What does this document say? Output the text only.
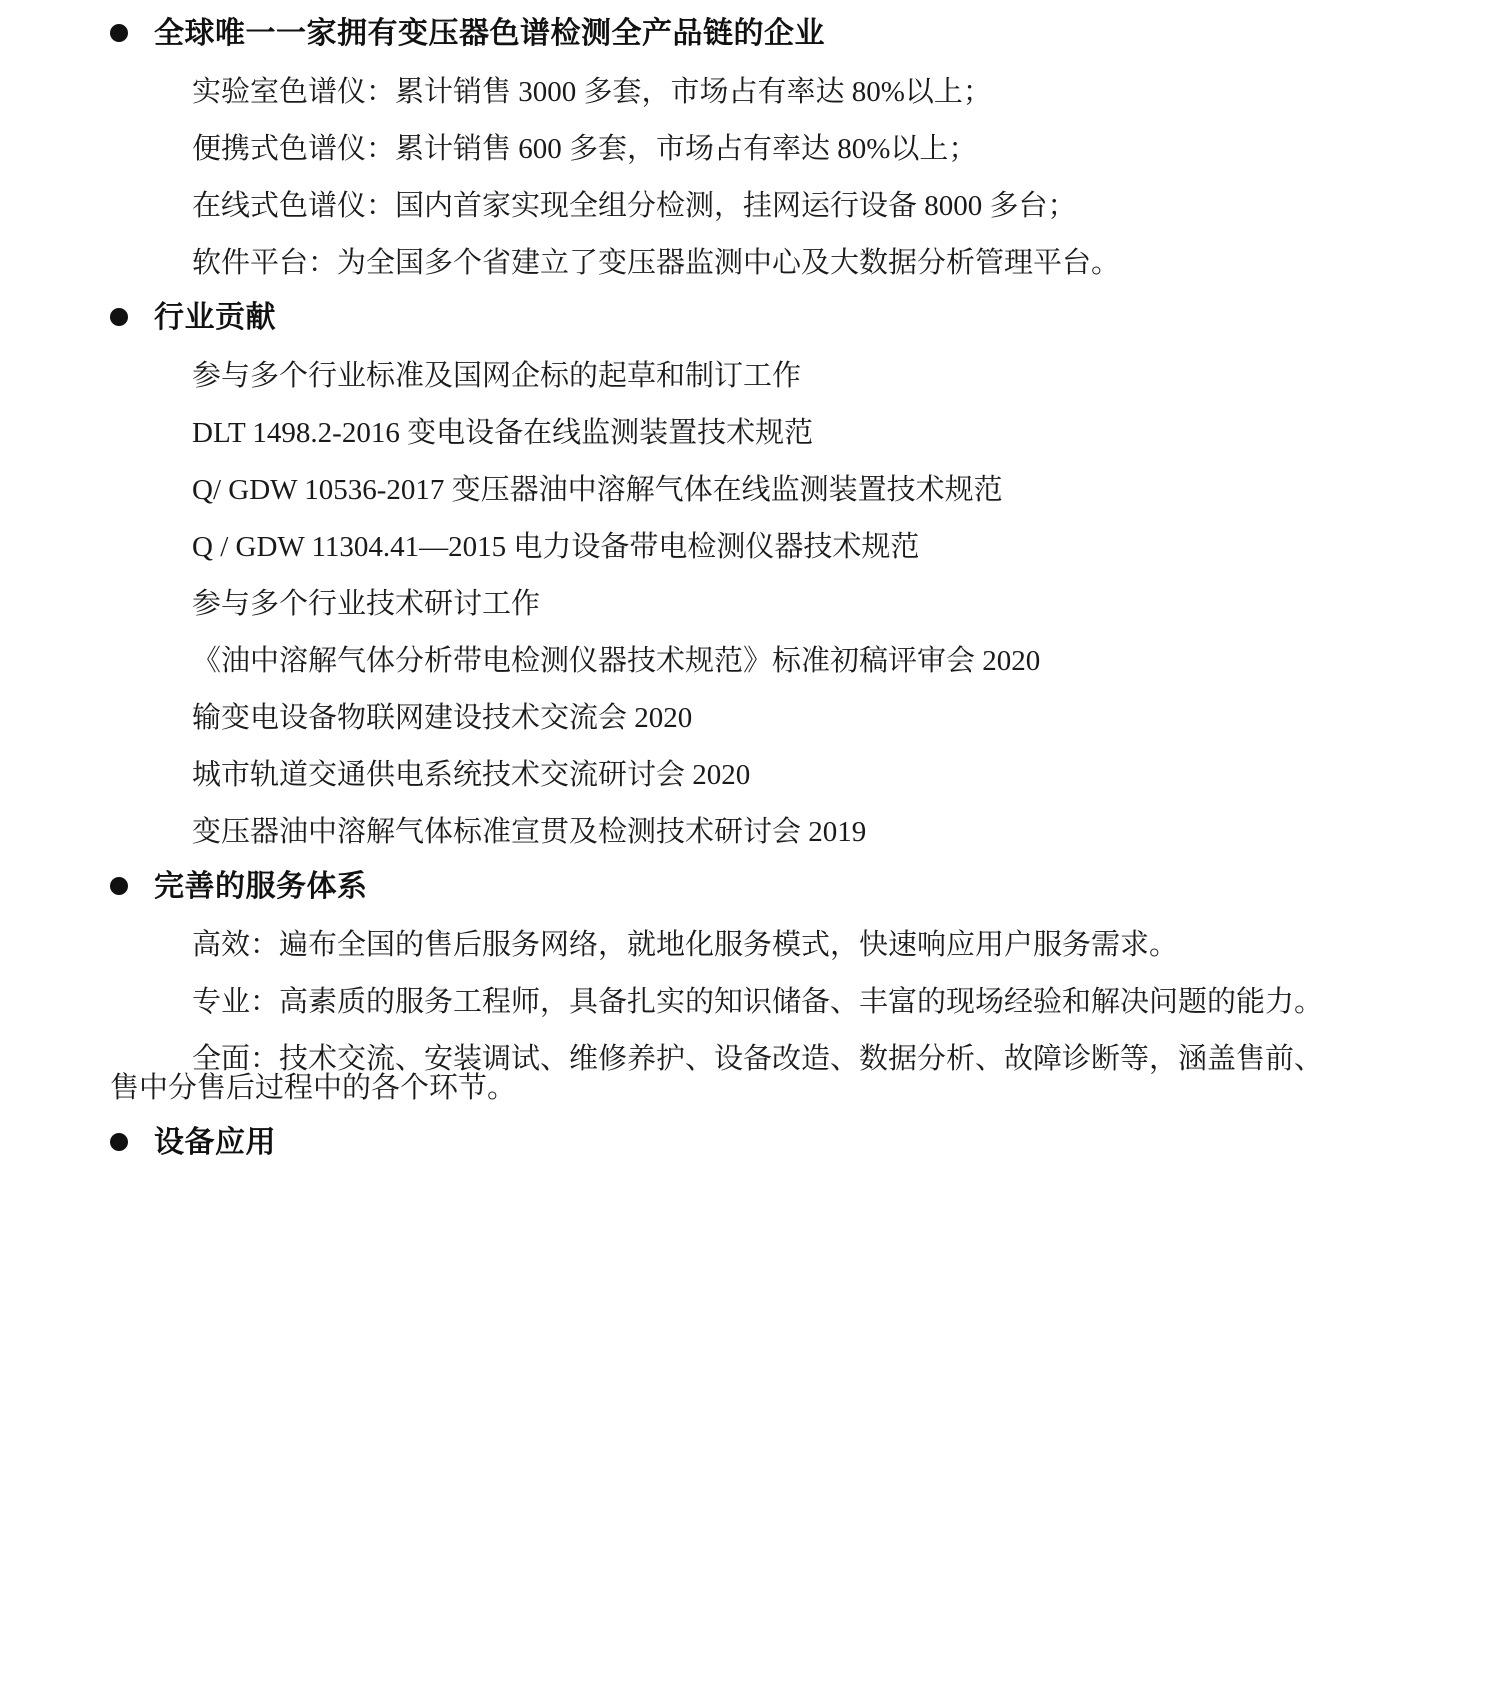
全球唯一一家拥有变压器色谱检测全产品链的企业

实验室色谱仪：累计销售 3000 多套，市场占有率达 80%以上；

便携式色谱仪：累计销售 600 多套，市场占有率达 80%以上；

在线式色谱仪：国内首家实现全组分检测，挂网运行设备 8000 多台；

软件平台：为全国多个省建立了变压器监测中心及大数据分析管理平台。

行业贡献

参与多个行业标准及国网企标的起草和制订工作

DLT 1498.2-2016 变电设备在线监测装置技术规范

Q/ GDW 10536-2017 变压器油中溶解气体在线监测装置技术规范

Q / GDW 11304.41—2015 电力设备带电检测仪器技术规范

参与多个行业技术研讨工作

《油中溶解气体分析带电检测仪器技术规范》标准初稿评审会 2020

输变电设备物联网建设技术交流会 2020

城市轨道交通供电系统技术交流研讨会 2020

变压器油中溶解气体标准宣贯及检测技术研讨会 2019

完善的服务体系

高效：遍布全国的售后服务网络，就地化服务模式，快速响应用户服务需求。

专业：高素质的服务工程师，具备扎实的知识储备、丰富的现场经验和解决问题的能力。

全面：技术交流、安装调试、维修养护、设备改造、数据分析、故障诊断等，涵盖售前、售中分售后过程中的各个环节。

设备应用
